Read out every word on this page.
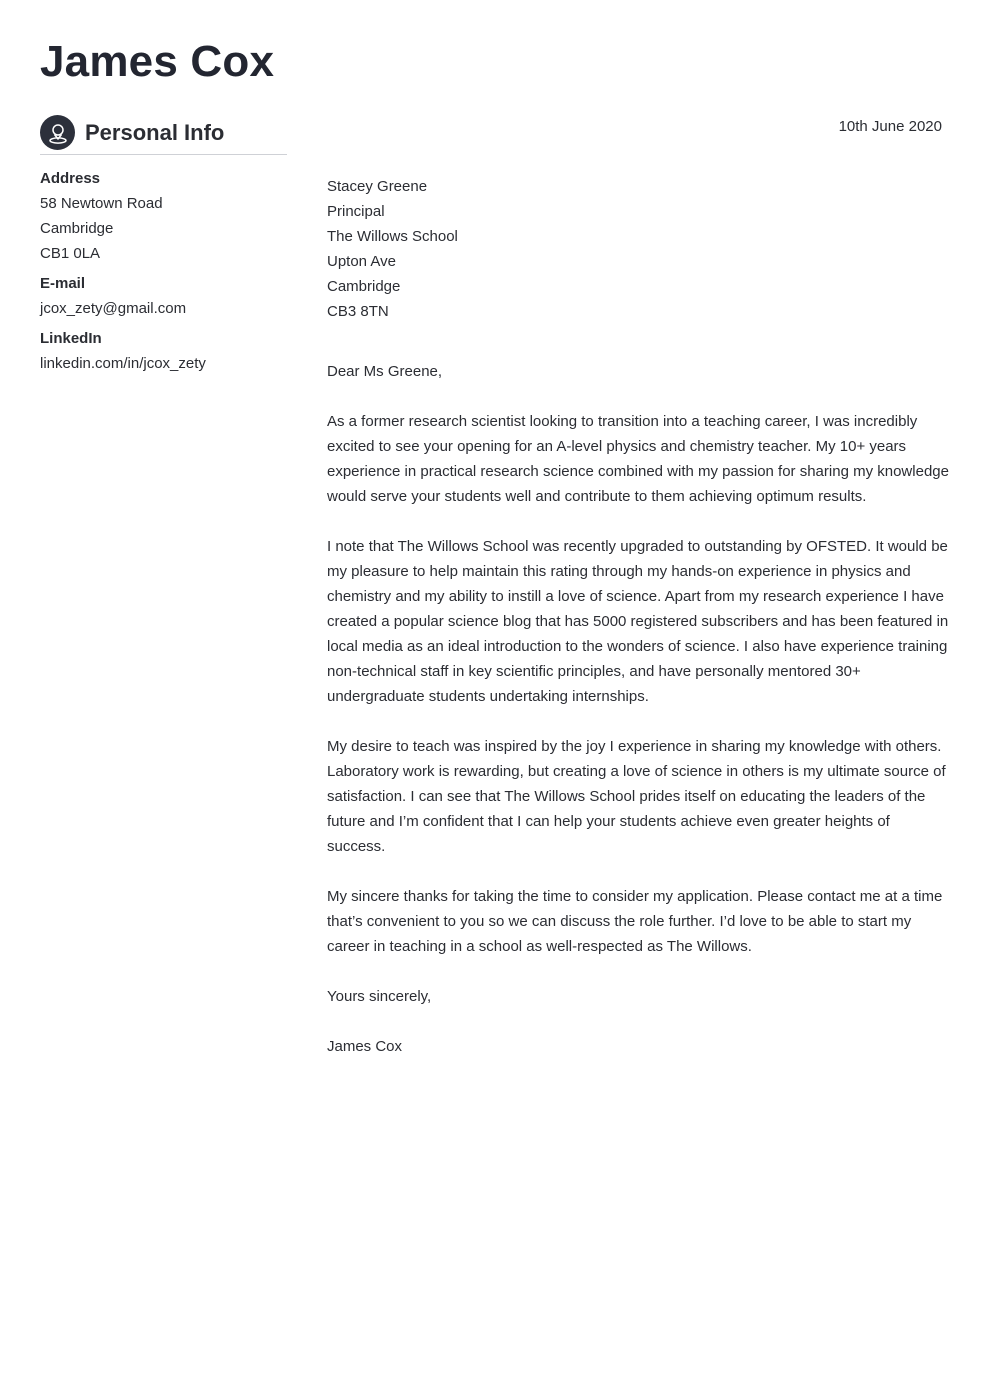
James Cox
Personal Info
Address
58 Newtown Road
Cambridge
CB1 0LA
E-mail
jcox_zety@gmail.com
LinkedIn
linkedin.com/in/jcox_zety
10th June 2020
Stacey Greene
Principal
The Willows School
Upton Ave
Cambridge
CB3 8TN
Dear Ms Greene,
As a former research scientist looking to transition into a teaching career, I was incredibly excited to see your opening for an A-level physics and chemistry teacher. My 10+ years experience in practical research science combined with my passion for sharing my knowledge would serve your students well and contribute to them achieving optimum results.
I note that The Willows School was recently upgraded to outstanding by OFSTED. It would be my pleasure to help maintain this rating through my hands-on experience in physics and chemistry and my ability to instill a love of science. Apart from my research experience I have created a popular science blog that has 5000 registered subscribers and has been featured in local media as an ideal introduction to the wonders of science. I also have experience training non-technical staff in key scientific principles, and have personally mentored 30+ undergraduate students undertaking internships.
My desire to teach was inspired by the joy I experience in sharing my knowledge with others. Laboratory work is rewarding, but creating a love of science in others is my ultimate source of satisfaction. I can see that The Willows School prides itself on educating the leaders of the future and I’m confident that I can help your students achieve even greater heights of success.
My sincere thanks for taking the time to consider my application. Please contact me at a time that’s convenient to you so we can discuss the role further. I’d love to be able to start my career in teaching in a school as well-respected as The Willows.
Yours sincerely,
James Cox
